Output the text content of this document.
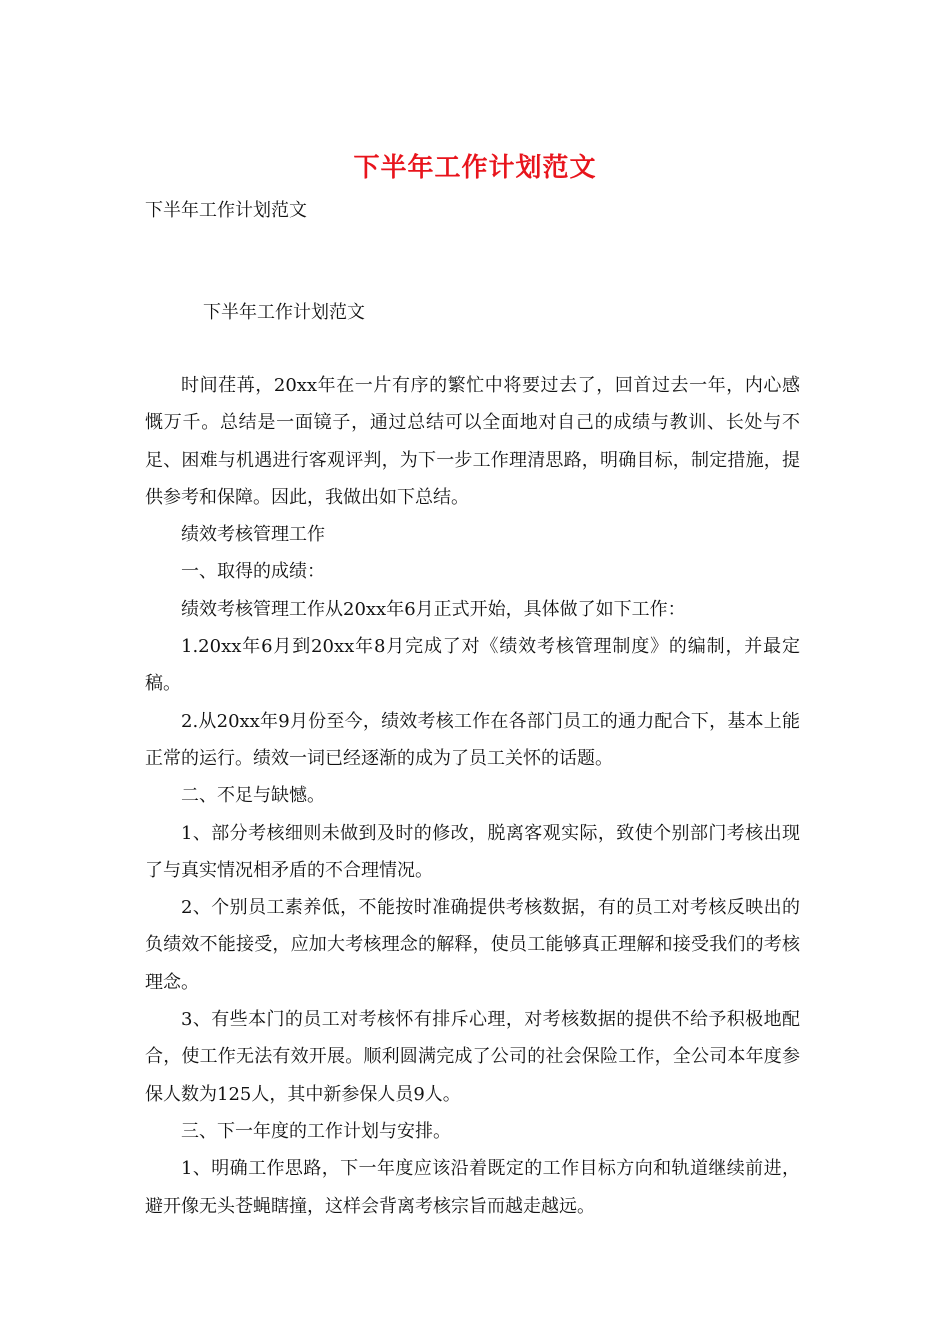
下半年工作计划范文
下半年工作计划范文
下半年工作计划范文

时间荏苒，20xx年在一片有序的繁忙中将要过去了，回首过去一年，内心感慨万千。总结是一面镜子，通过总结可以全面地对自己的成绩与教训、长处与不足、困难与机遇进行客观评判，为下一步工作理清思路，明确目标，制定措施，提供参考和保障。因此，我做出如下总结。

绩效考核管理工作

一、取得的成绩：

绩效考核管理工作从20xx年6月正式开始，具体做了如下工作：

1.20xx年6月到20xx年8月完成了对《绩效考核管理制度》的编制，并最定稿。

2.从20xx年9月份至今，绩效考核工作在各部门员工的通力配合下，基本上能正常的运行。绩效一词已经逐渐的成为了员工关怀的话题。

二、不足与缺憾。

1、部分考核细则未做到及时的修改，脱离客观实际，致使个别部门考核出现了与真实情况相矛盾的不合理情况。

2、个别员工素养低，不能按时准确提供考核数据，有的员工对考核反映出的负绩效不能接受，应加大考核理念的解释，使员工能够真正理解和接受我们的考核理念。

3、有些本门的员工对考核怀有排斥心理，对考核数据的提供不给予积极地配合，使工作无法有效开展。顺利圆满完成了公司的社会保险工作，全公司本年度参保人数为125人，其中新参保人员9人。

三、下一年度的工作计划与安排。

1、明确工作思路，下一年度应该沿着既定的工作目标方向和轨道继续前进，避开像无头苍蝇瞎撞，这样会背离考核宗旨而越走越远。
